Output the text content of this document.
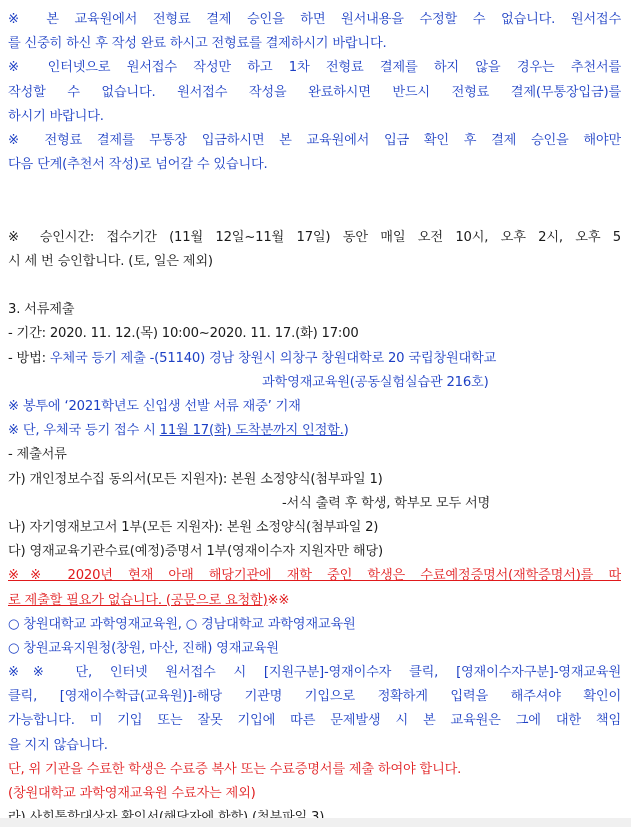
※ 본 교육원에서 전형료 결제 승인을 하면 원서내용을 수정할 수 없습니다. 원서접수
를 신중히 하신 후 작성 완료 하시고 전형료를 결제하시기 바랍니다.
※ 인터넷으로 원서접수 작성만 하고 1차 전형료 결제를 하지 않을 경우는 추천서를
작성할 수 없습니다. 원서접수 작성을 완료하시면 반드시 전형료 결제(무통장입금)를
하시기 바랍니다.
※ 전형료 결제를 무통장 입금하시면 본 교육원에서 입금 확인 후 결제 승인을 해야만
다음 단계(추천서 작성)로 넘어갈 수 있습니다.
※ 승인시간: 접수기간 (11월 12일~11월 17일) 동안 매일 오전 10시, 오후 2시, 오후 5
시 세 번 승인합니다. (토, 일은 제외)
3. 서류제출
- 기간: 2020. 11. 12.(목) 10:00~2020. 11. 17.(화) 17:00
- 방법: 우체국 등기 제출 -(51140) 경남 창원시 의창구 창원대학로 20 국립창원대학교
과학영재교육원(공동실험실습관 216호)
※ 봉투에 ‘2021학년도 신입생 선발 서류 재중’ 기재
※ 단, 우체국 등기 접수 시 11월 17(화) 도착분까지 인정함.)
- 제출서류
가) 개인정보수집 동의서(모든 지원자): 본원 소정양식(첨부파일 1)
-서식 출력 후 학생, 학부모 모두 서명
나) 자기영재보고서 1부(모든 지원자): 본원 소정양식(첨부파일 2)
다) 영재교육기관수료(예정)증명서 1부(영재이수자 지원자만 해당)
※※ 2020년 현재 아래 해당기관에 재학 중인 학생은 수료예정증명서(재학증명서)를 따
로 제출할 필요가 없습니다. (공문으로 요청함)※※
○ 창원대학교 과학영재교육원, ○ 경남대학교 과학영재교육원
○ 창원교육지원청(창원, 마산, 진해) 영재교육원
※※ 단, 인터넷 원서접수 시 [지원구분]-영재이수자 클릭, [영재이수자구분]-영재교육원
클릭, [영재이수학급(교육원)]-해당 기관명 기입으로 정확하게 입력을 해주셔야 확인이
가능합니다. 미 기입 또는 잘못 기입에 따른 문제발생 시 본 교육원은 그에 대한 책임
을 지지 않습니다.
단, 위 기관을 수료한 학생은 수료증 복사 또는 수료증명서를 제출 하여야 합니다.
(창원대학교 과학영재교육원 수료자는 제외)
